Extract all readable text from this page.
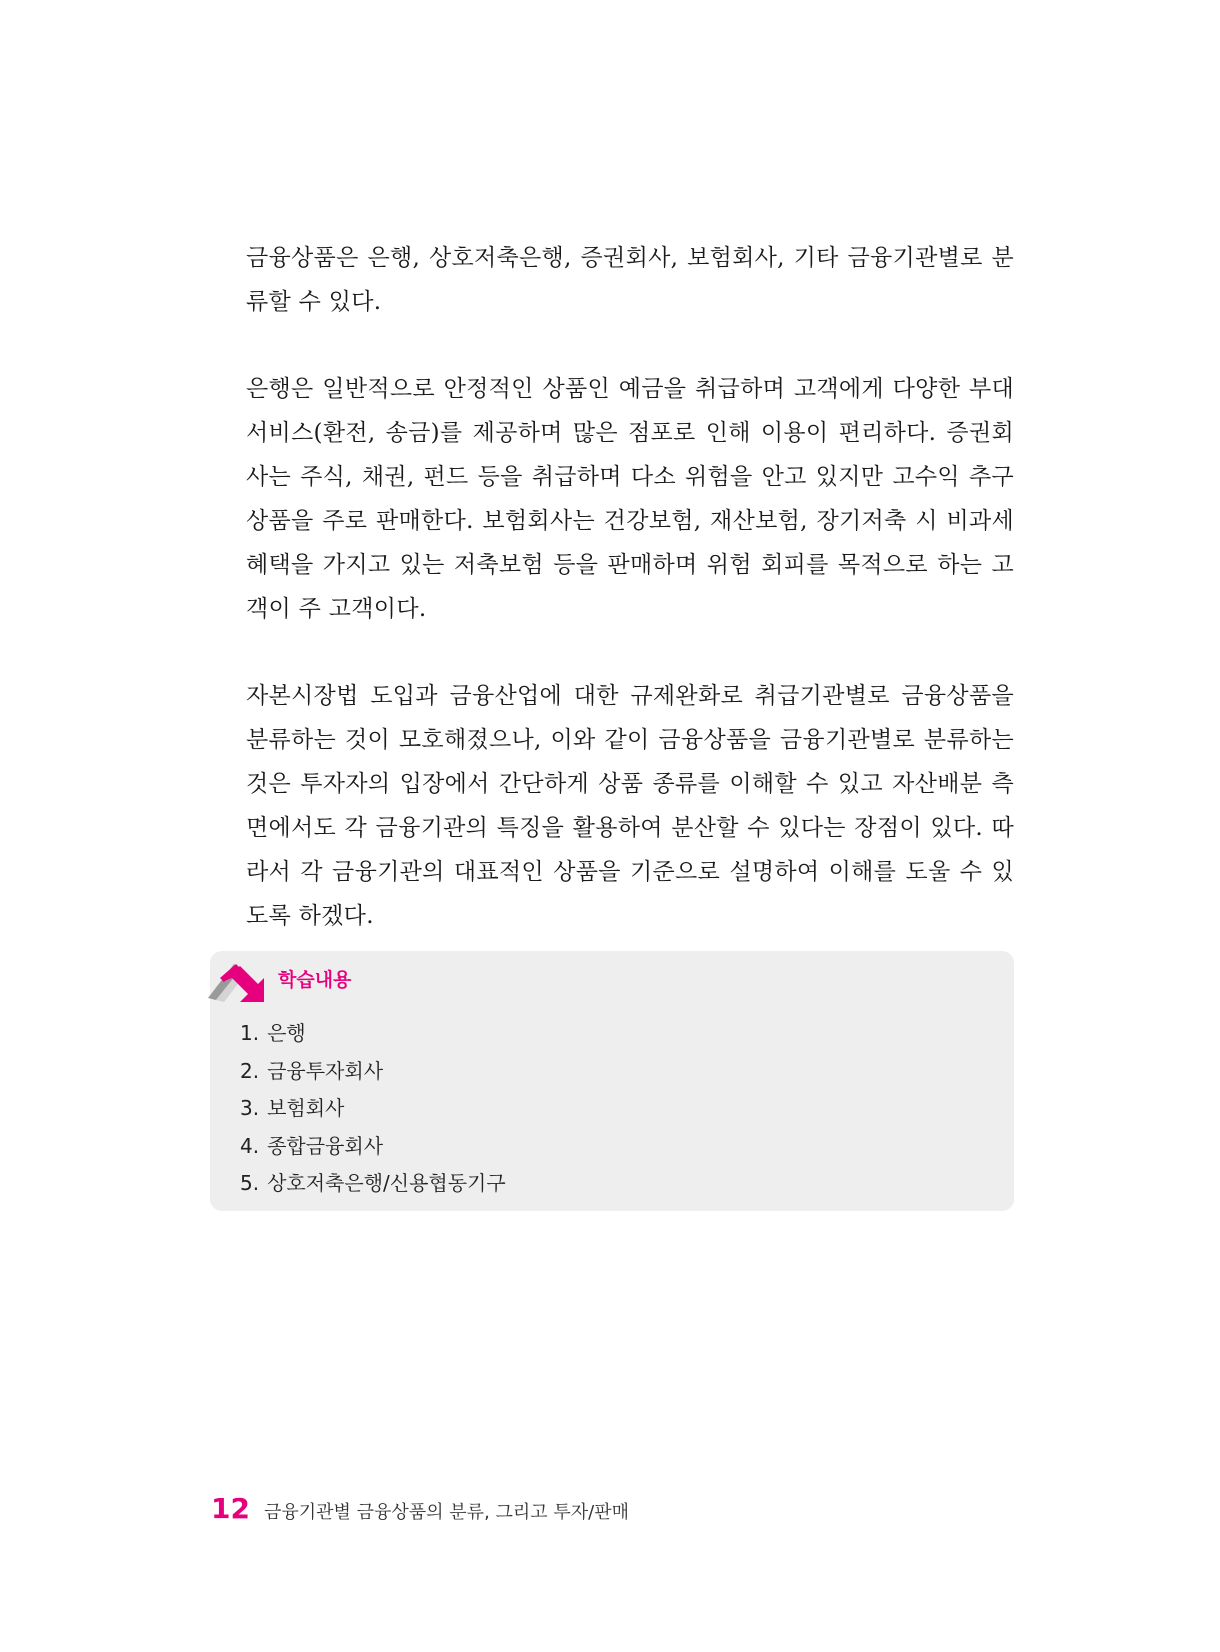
금융상품은 은행, 상호저축은행, 증권회사, 보험회사, 기타 금융기관별로 분류할 수 있다.

은행은 일반적으로 안정적인 상품인 예금을 취급하며 고객에게 다양한 부대 서비스(환전, 송금)를 제공하며 많은 점포로 인해 이용이 편리하다. 증권회사는 주식, 채권, 펀드 등을 취급하며 다소 위험을 안고 있지만 고수익 추구상품을 주로 판매한다. 보험회사는 건강보험, 재산보험, 장기저축 시 비과세 혜택을 가지고 있는 저축보험 등을 판매하며 위험 회피를 목적으로 하는 고객이 주 고객이다.

자본시장법 도입과 금융산업에 대한 규제완화로 취급기관별로 금융상품을 분류하는 것이 모호해졌으나, 이와 같이 금융상품을 금융기관별로 분류하는 것은 투자자의 입장에서 간단하게 상품 종류를 이해할 수 있고 자산배분 측면에서도 각 금융기관의 특징을 활용하여 분산할 수 있다는 장점이 있다. 따라서 각 금융기관의 대표적인 상품을 기준으로 설명하여 이해를 도울 수 있도록 하겠다.

학습내용
1. 은행
2. 금융투자회사
3. 보험회사
4. 종합금융회사
5. 상호저축은행/신용협동기구
12 금융기관별 금융상품의 분류, 그리고 투자/판매
